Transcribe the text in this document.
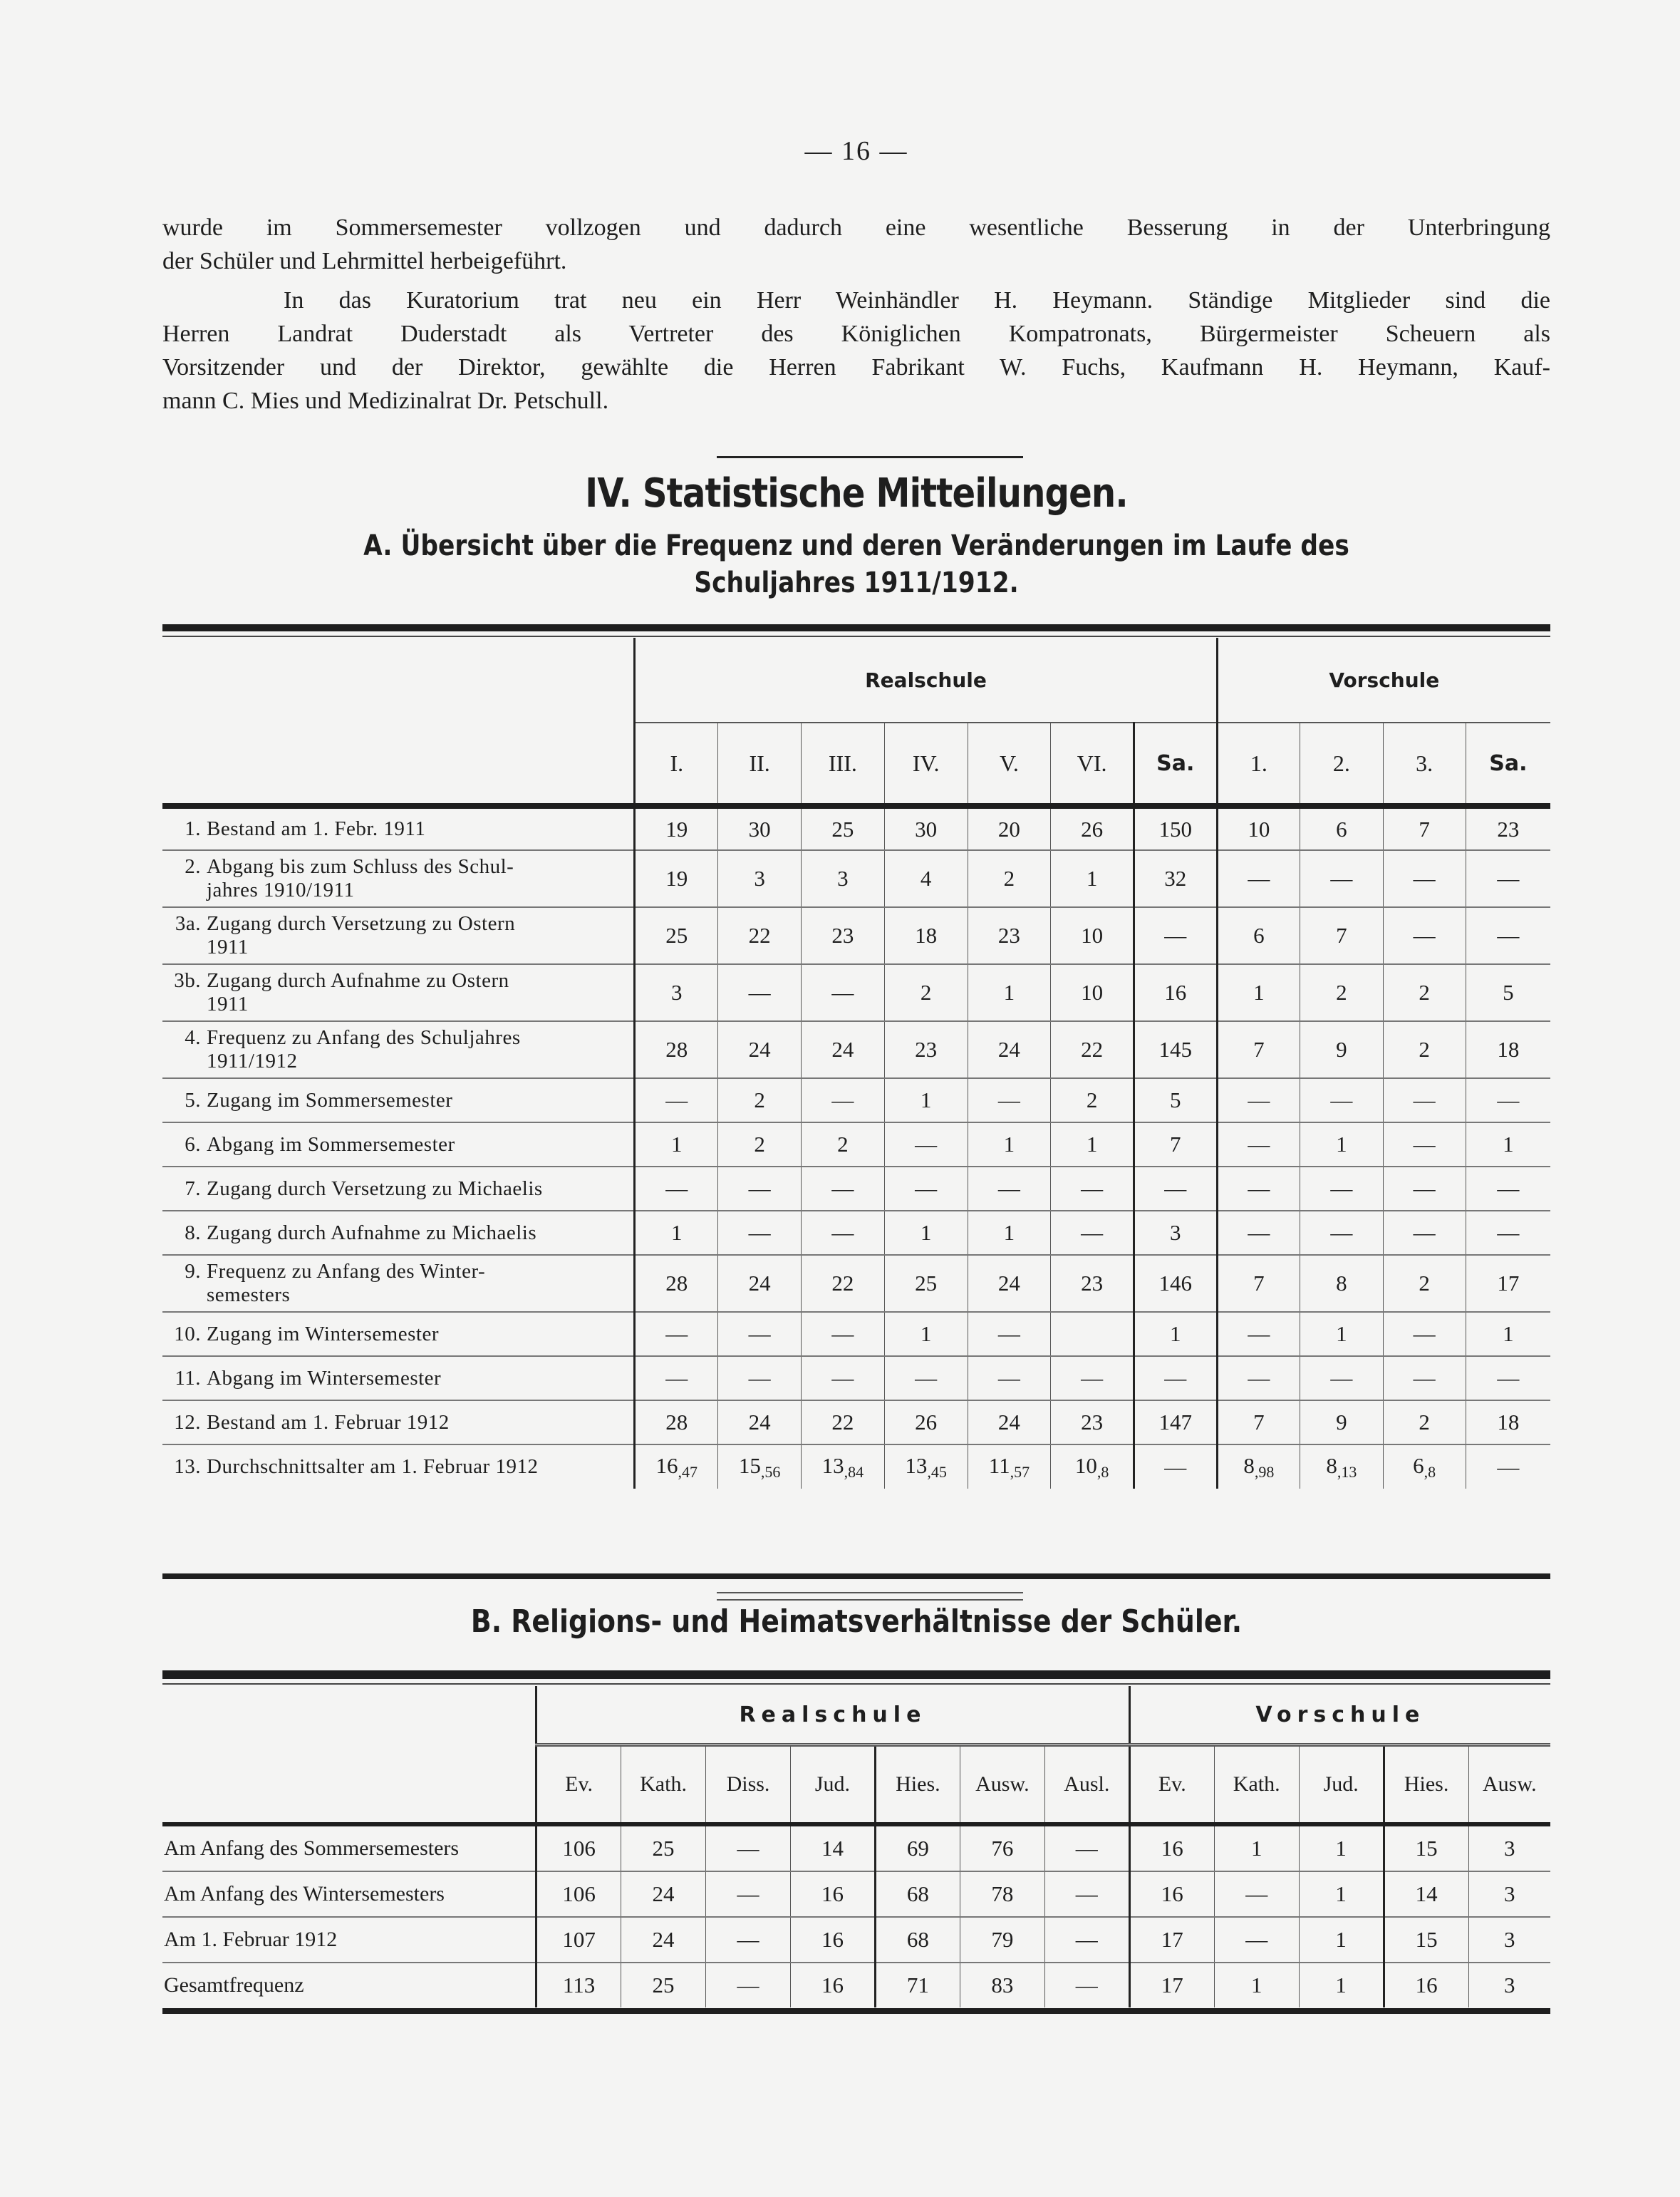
— 16 —
wurde im Sommersemester vollzogen und dadurch eine wesentliche Besserung in der Unterbringung
der Schüler und Lehrmittel herbeigeführt.
In das Kuratorium trat neu ein Herr Weinhändler H. Heymann. Ständige Mitglieder sind die
Herren Landrat Duderstadt als Vertreter des Königlichen Kompatronats, Bürgermeister Scheuern als
Vorsitzender und der Direktor, gewählte die Herren Fabrikant W. Fuchs, Kaufmann H. Heymann, Kauf-
mann C. Mies und Medizinalrat Dr. Petschull.
IV. Statistische Mitteilungen.
A. Übersicht über die Frequenz und deren Veränderungen im Laufe des
Schuljahres 1911/1912.
	Realschule							Vorschule			
	I.	II.	III.	IV.	V.	VI.	Sa.	1.	2.	3.	Sa.
1. Bestand am 1. Febr. 1911	19	30	25	30	20	26	150	10	6	7	23
2. Abgang bis zum Schluss des Schul-
jahres 1910/1911	19	3	3	4	2	1	32	—	—	—	—
3a. Zugang durch Versetzung zu Ostern
1911	25	22	23	18	23	10	—	6	7	—	—
3b. Zugang durch Aufnahme zu Ostern
1911	3	—	—	2	1	10	16	1	2	2	5
4. Frequenz zu Anfang des Schuljahres
1911/1912	28	24	24	23	24	22	145	7	9	2	18
5. Zugang im Sommersemester	—	2	—	1	—	2	5	—	—	—	—
6. Abgang im Sommersemester	1	2	2	—	1	1	7	—	1	—	1
7. Zugang durch Versetzung zu Michaelis	—	—	—	—	—	—	—	—	—	—	—
8. Zugang durch Aufnahme zu Michaelis	1	—	—	1	1	—	3	—	—	—	—
9. Frequenz zu Anfang des Winter-
semesters	28	24	22	25	24	23	146	7	8	2	17
10. Zugang im Wintersemester	—	—	—	1	—		1	—	1	—	1
11. Abgang im Wintersemester	—	—	—	—	—	—	—	—	—	—	—
12. Bestand am 1. Februar 1912	28	24	22	26	24	23	147	7	9	2	18
13. Durchschnittsalter am 1. Februar 1912	16,47	15,56	13,84	13,45	11,57	10,8	—	8,98	8,13	6,8	—
B. Religions- und Heimatsverhältnisse der Schüler.
	Realschule							Vorschule				
	Ev.	Kath.	Diss.	Jud.	Hies.	Ausw.	Ausl.	Ev.	Kath.	Jud.	Hies.	Ausw.
Am Anfang des Sommersemesters	106	25	—	14	69	76	—	16	1	1	15	3
Am Anfang des Wintersemesters	106	24	—	16	68	78	—	16	—	1	14	3
Am 1. Februar 1912	107	24	—	16	68	79	—	17	—	1	15	3
Gesamtfrequenz	113	25	—	16	71	83	—	17	1	1	16	3
